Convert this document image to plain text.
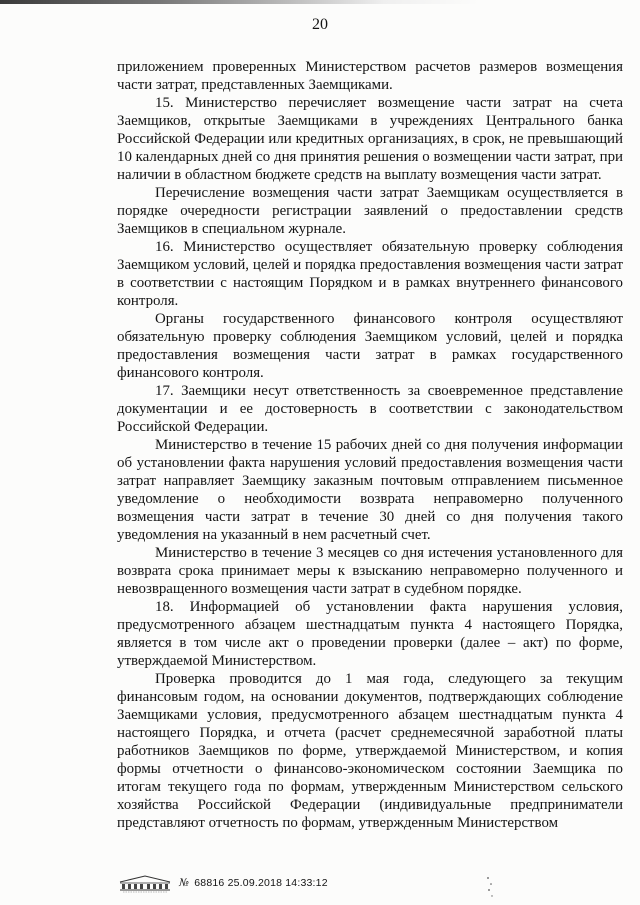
20

приложением проверенных Министерством расчетов размеров возмещения части затрат, представленных Заемщиками.

15. Министерство перечисляет возмещение части затрат на счета Заемщиков, открытые Заемщиками в учреждениях Центрального банка Российской Федерации или кредитных организациях, в срок, не превышающий 10 календарных дней со дня принятия решения о возмещении части затрат, при наличии в областном бюджете средств на выплату возмещения части затрат.

Перечисление возмещения части затрат Заемщикам осуществляется в порядке очередности регистрации заявлений о предоставлении средств Заемщиков в специальном журнале.

16. Министерство осуществляет обязательную проверку соблюдения Заемщиком условий, целей и порядка предоставления возмещения части затрат в соответствии с настоящим Порядком и в рамках внутреннего финансового контроля.

Органы государственного финансового контроля осуществляют обязательную проверку соблюдения Заемщиком условий, целей и порядка предоставления возмещения части затрат в рамках государственного финансового контроля.

17. Заемщики несут ответственность за своевременное представление документации и ее достоверность в соответствии с законодательством Российской Федерации.

Министерство в течение 15 рабочих дней со дня получения информации об установлении факта нарушения условий предоставления возмещения части затрат направляет Заемщику заказным почтовым отправлением письменное уведомление о необходимости возврата неправомерно полученного возмещения части затрат в течение 30 дней со дня получения такого уведомления на указанный в нем расчетный счет.

Министерство в течение 3 месяцев со дня истечения установленного для возврата срока принимает меры к взысканию неправомерно полученного и невозвращенного возмещения части затрат в судебном порядке.

18. Информацией об установлении факта нарушения условия, предусмотренного абзацем шестнадцатым пункта 4 настоящего Порядка, является в том числе акт о проведении проверки (далее – акт) по форме, утверждаемой Министерством.

Проверка проводится до 1 мая года, следующего за текущим финансовым годом, на основании документов, подтверждающих соблюдение Заемщиками условия, предусмотренного абзацем шестнадцатым пункта 4 настоящего Порядка, и отчета (расчет среднемесячной заработной платы работников Заемщиков по форме, утверждаемой Министерством, и копия формы отчетности о финансово-экономическом состоянии Заемщика по итогам текущего года по формам, утвержденным Министерством сельского хозяйства Российской Федерации (индивидуальные предприниматели представляют отчетность по формам, утвержденным Министерством

№ 68816 25.09.2018 14:33:12
